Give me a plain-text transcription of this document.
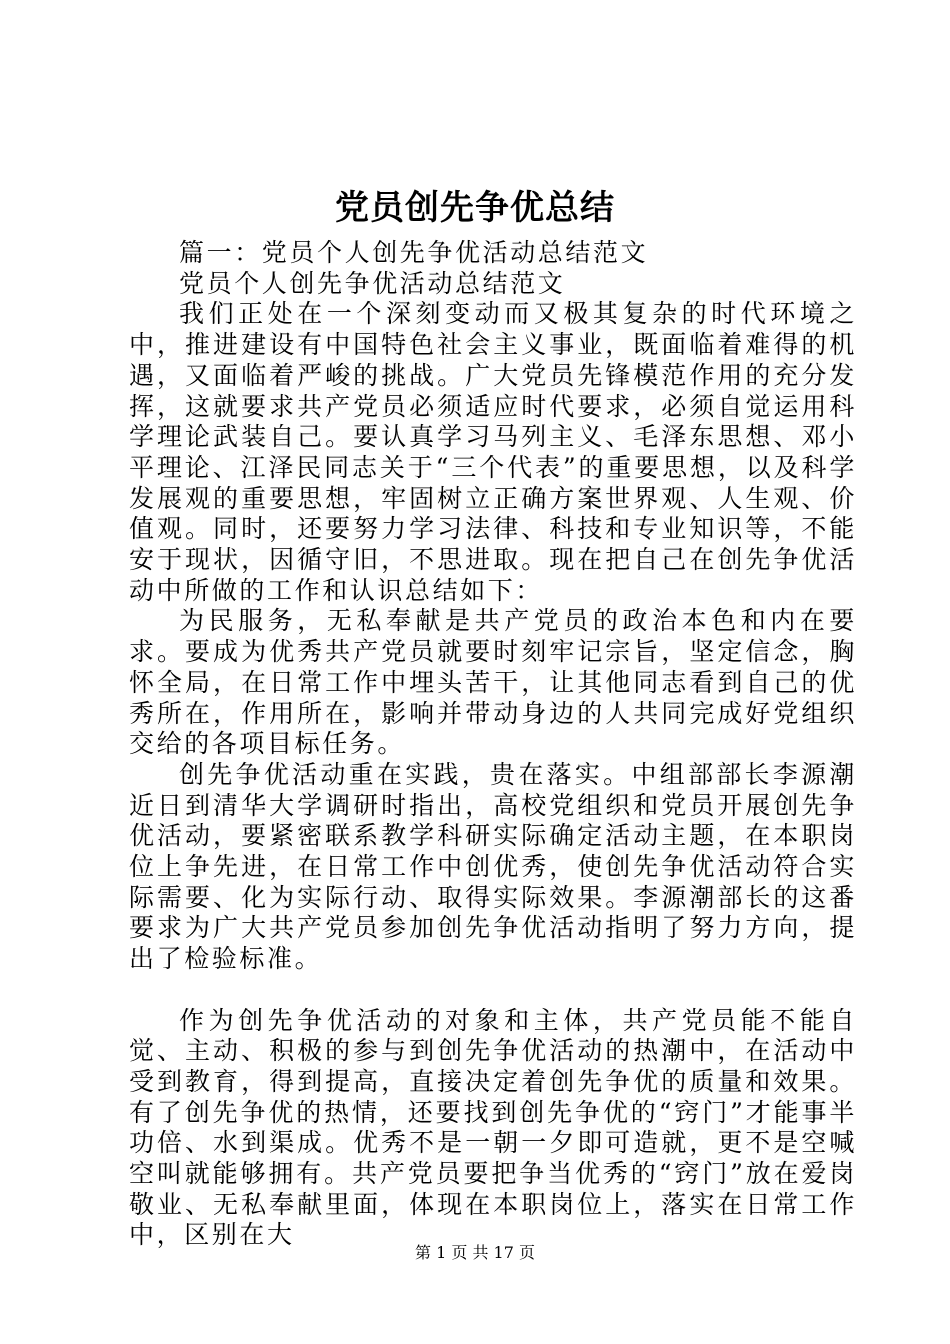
党员创先争优总结

篇一：党员个人创先争优活动总结范文

党员个人创先争优活动总结范文

我们正处在一个深刻变动而又极其复杂的时代环境之中，推进建设有中国特色社会主义事业，既面临着难得的机遇，又面临着严峻的挑战。广大党员先锋模范作用的充分发挥，这就要求共产党员必须适应时代要求，必须自觉运用科学理论武装自己。要认真学习马列主义、毛泽东思想、邓小平理论、江泽民同志关于“三个代表”的重要思想，以及科学发展观的重要思想，牢固树立正确方案世界观、人生观、价值观。同时，还要努力学习法律、科技和专业知识等，不能安于现状，因循守旧，不思进取。现在把自己在创先争优活动中所做的工作和认识总结如下：

为民服务，无私奉献是共产党员的政治本色和内在要求。要成为优秀共产党员就要时刻牢记宗旨，坚定信念，胸怀全局，在日常工作中埋头苦干，让其他同志看到自己的优秀所在，作用所在，影响并带动身边的人共同完成好党组织交给的各项目标任务。

创先争优活动重在实践，贵在落实。中组部部长李源潮近日到清华大学调研时指出，高校党组织和党员开展创先争优活动，要紧密联系教学科研实际确定活动主题，在本职岗位上争先进，在日常工作中创优秀，使创先争优活动符合实际需要、化为实际行动、取得实际效果。李源潮部长的这番要求为广大共产党员参加创先争优活动指明了努力方向，提出了检验标准。

作为创先争优活动的对象和主体，共产党员能不能自觉、主动、积极的参与到创先争优活动的热潮中，在活动中受到教育，得到提高，直接决定着创先争优的质量和效果。有了创先争优的热情，还要找到创先争优的“窍门”才能事半功倍、水到渠成。优秀不是一朝一夕即可造就，更不是空喊空叫就能够拥有。共产党员要把争当优秀的“窍门”放在爱岗敬业、无私奉献里面，体现在本职岗位上，落实在日常工作中，区别在大

第 1 页 共 17 页
